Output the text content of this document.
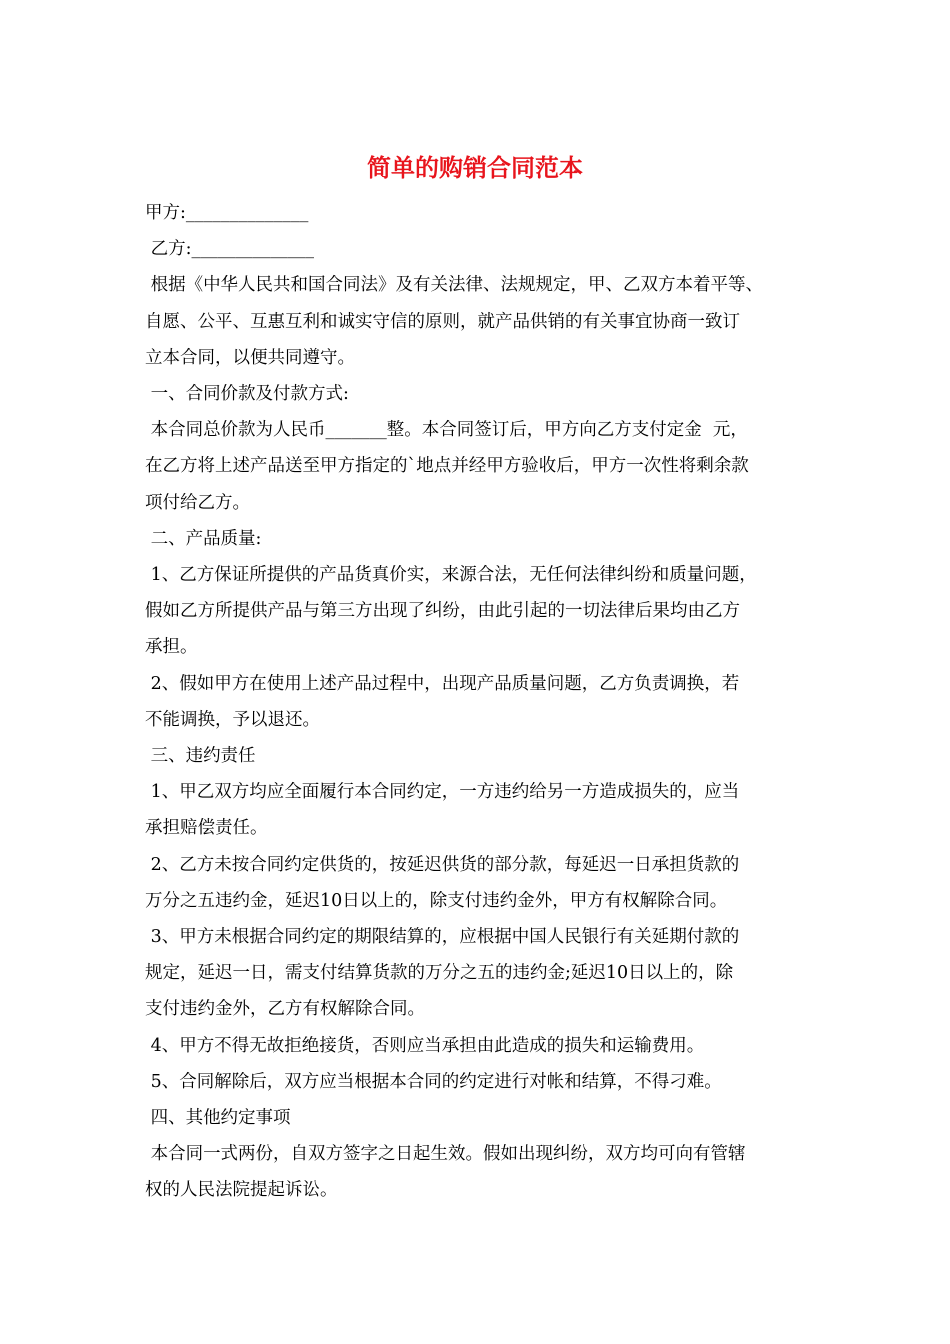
简单的购销合同范本
甲方:______________
乙方:______________
根据《中华人民共和国合同法》及有关法律、法规规定，甲、乙双方本着平等、
自愿、公平、互惠互利和诚实守信的原则，就产品供销的有关事宜协商一致订
立本合同，以便共同遵守。
一、合同价款及付款方式:
本合同总价款为人民币_______整。本合同签订后，甲方向乙方支付定金  元，
在乙方将上述产品送至甲方指定的`地点并经甲方验收后，甲方一次性将剩余款
项付给乙方。
二、产品质量:
1、乙方保证所提供的产品货真价实，来源合法，无任何法律纠纷和质量问题，
假如乙方所提供产品与第三方出现了纠纷，由此引起的一切法律后果均由乙方
承担。
2、假如甲方在使用上述产品过程中，出现产品质量问题，乙方负责调换，若
不能调换，予以退还。
三、违约责任
1、甲乙双方均应全面履行本合同约定，一方违约给另一方造成损失的，应当
承担赔偿责任。
2、乙方未按合同约定供货的，按延迟供货的部分款，每延迟一日承担货款的
万分之五违约金，延迟10日以上的，除支付违约金外，甲方有权解除合同。
3、甲方未根据合同约定的期限结算的，应根据中国人民银行有关延期付款的
规定，延迟一日，需支付结算货款的万分之五的违约金;延迟10日以上的，除
支付违约金外，乙方有权解除合同。
4、甲方不得无故拒绝接货，否则应当承担由此造成的损失和运输费用。
5、合同解除后，双方应当根据本合同的约定进行对帐和结算，不得刁难。
四、其他约定事项
本合同一式两份，自双方签字之日起生效。假如出现纠纷，双方均可向有管辖
权的人民法院提起诉讼。
